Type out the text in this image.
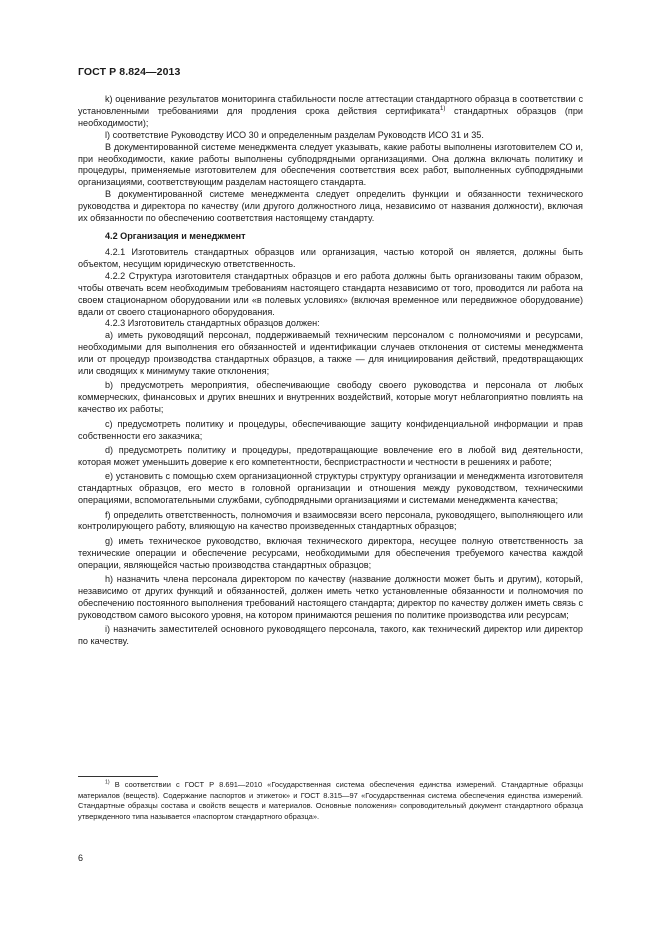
ГОСТ Р 8.824—2013

k) оцениваниe результатов мониторинга стабильности после аттестации стандартного образца в соответствии с установленными требованиями для продления срока действия сертификата$^{1)}$ стандартных образцов (при необходимости);

l) соответствие Руководству ИСО 30 и определенным разделам Руководств ИСО 31 и 35.

В документированной системе менеджмента следует указывать, какие работы выполнены изготовителем СО и, при необходимости, какие работы выполнены субподрядными организациями. Она должна включать политику и процедуры, применяемые изготовителем для обеспечения соответствия всех работ, выполненных субподрядными организациями, соответствующим разделам настоящего стандарта.

В документированной системе менеджмента следует определить функции и обязанности технического руководства и директора по качеству (или другого должностного лица, независимо от названия должности), включая их обязанности по обеспечению соответствия настоящему стандарту.

4.2 Организация и менеджмент

4.2.1 Изготовитель стандартных образцов или организация, частью которой он является, должны быть объектом, несущим юридическую ответственность.

4.2.2 Структура изготовителя стандартных образцов и его работа должны быть организованы таким образом, чтобы отвечать всем необходимым требованиям настоящего стандарта независимо от того, проводится ли работа на своем стационарном оборудовании или «в полевых условиях» (включая временное или передвижное оборудование) вдали от своего стационарного оборудования.

4.2.3 Изготовитель стандартных образцов должен:

a) иметь руководящий персонал, поддерживаемый техническим персоналом с полномочиями и ресурсами, необходимыми для выполнения его обязанностей и идентификации случаев отклонения от системы менеджмента или от процедур производства стандартных образцов, а также — для инициирования действий, предотвращающих или сводящих к минимуму такие отклонения;

b) предусмотреть мероприятия, обеспечивающие свободу своего руководства и персонала от любых коммерческих, финансовых и других внешних и внутренних воздействий, которые могут неблагоприятно повлиять на качество их работы;

c) предусмотреть политику и процедуры, обеспечивающие защиту конфиденциальной информации и прав собственности его заказчика;

d) предусмотреть политику и процедуры, предотвращающие вовлечение его в любой вид деятельности, которая может уменьшить доверие к его компетентности, беспристрастности и честности в решениях и работе;

e) установить с помощью схем организационной структуры структуру организации и менеджмента изготовителя стандартных образцов, его место в головной организации и отношения между руководством, техническими операциями, вспомогательными службами, субподрядными организациями и системами менеджмента качества;

f) определить ответственность, полномочия и взаимосвязи всего персонала, руководящего, выполняющего или контролирующего работу, влияющую на качество произведенных стандартных образцов;

g) иметь техническое руководство, включая технического директора, несущее полную ответственность за технические операции и обеспечение ресурсами, необходимыми для обеспечения требуемого качества каждой операции, являющейся частью производства стандартных образцов;

h) назначить члена персонала директором по качеству (название должности может быть и другим), который, независимо от других функций и обязанностей, должен иметь четко установленные обязанности и полномочия по обеспечению постоянного выполнения требований настоящего стандарта; директор по качеству должен иметь связь с руководством самого высокого уровня, на котором принимаются решения по политике производства или ресурсам;

i) назначить заместителей основного руководящего персонала, такого, как технический директор или директор по качеству.

$^{1)}$ В соответствии с ГОСТ Р 8.691—2010 «Государственная система обеспечения единства измерений. Стандартные образцы материалов (веществ). Содержание паспортов и этикеток» и ГОСТ 8.315—97 «Государственная система обеспечения единства измерений. Стандартные образцы состава и свойств веществ и материалов. Основные положения» сопроводительный документ стандартного образца утвержденного типа называется «паспортом стандартного образца».

6
